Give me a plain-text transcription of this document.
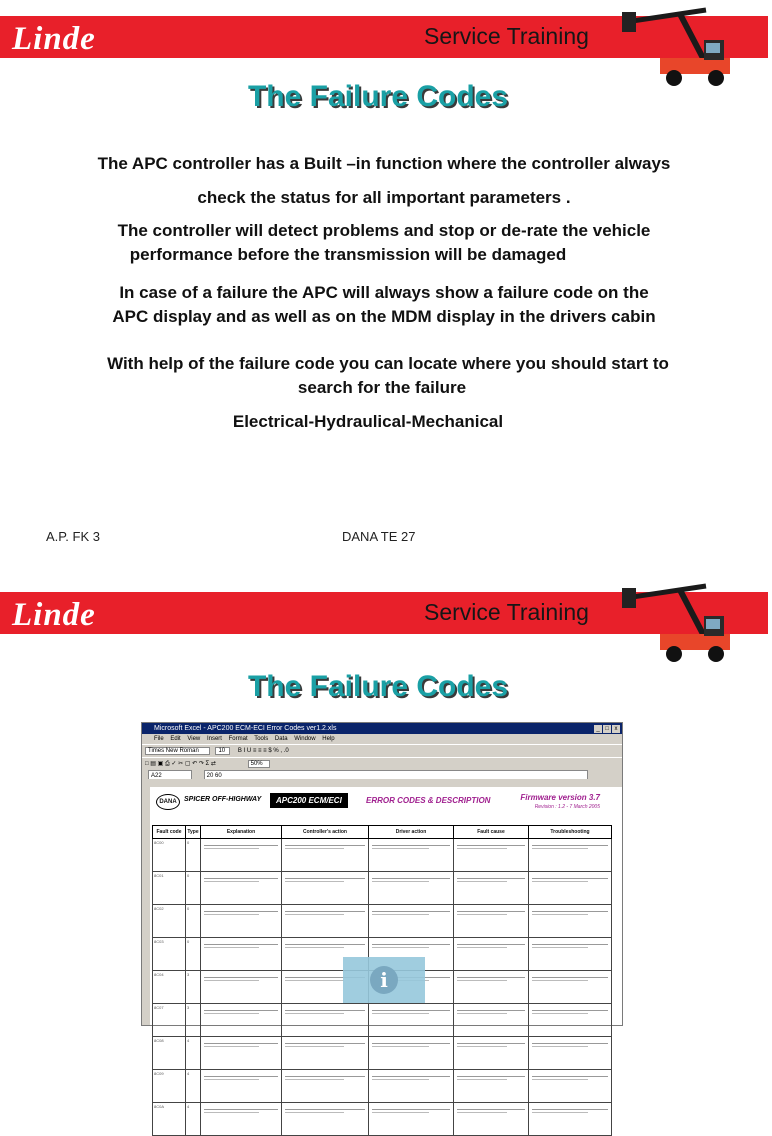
Linde	Service Training
The Failure Codes
The APC controller has a Built –in function where the controller always
check the status for all important parameters .
The controller will detect problems and stop or de-rate the vehicle
performance before the transmission will be damaged
In case of a failure the APC will always show a failure code on the
APC display and as well as on the MDM display in the drivers cabin
With help of the failure code you can locate where you should start to
search for the failure
Electrical-Hydraulical-Mechanical
A.P. FK 3	DANA TE 27
Linde	Service Training
The Failure Codes
Microsoft Excel - APC200 ECM-ECI Error Codes ver1.2.xls	_ □ x
File Edit View Insert Format Tools Data Window Help
Times New Roman	10 B I U ≡ ≡ ≡ $ % , .0
□ ▤ ▣ ⎙ ✓ ✂ ▢ ↶ ↷ Σ ⇄	50%
A22	20 60
DANA	SPICER OFF-HIGHWAY	APC200 ECM/ECI	ERROR CODES & DESCRIPTION	Firmware version 3.7
Revision : 1.2 - 7 March 2005
Fault code	Type	Explanation	Controller's action	Driver action	Fault cause	Troubleshooting
8C00	0	

8C01	0	

8C02	0	

8C03	0	

8C04	3	

8C07	3	

8C08	4	

8C09	4	

8C0A	4	

i
